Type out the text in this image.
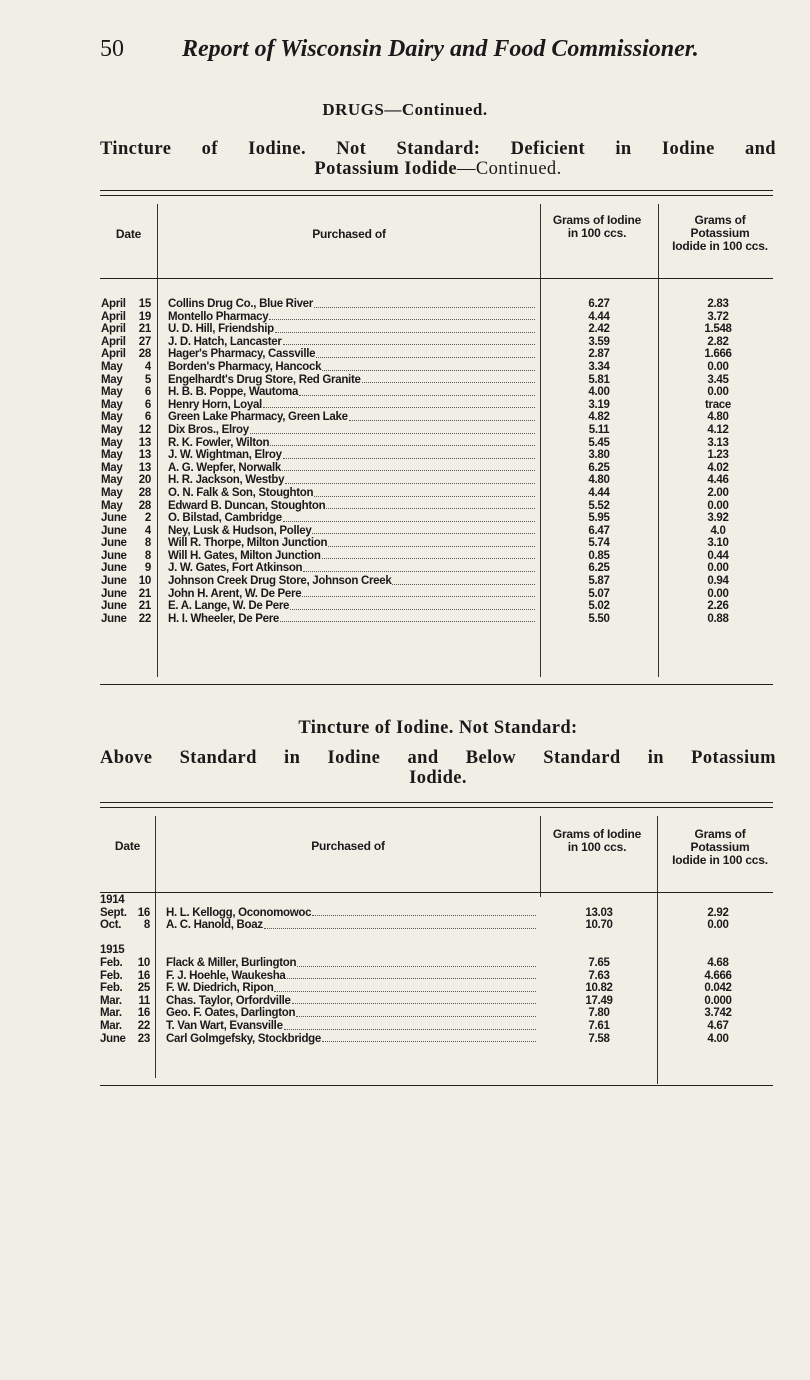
50 Report of Wisconsin Dairy and Food Commissioner.
DRUGS—Continued.
Tincture of Iodine. Not Standard: Deficient in Iodine and
Potassium Iodide—Continued.
Date	Purchased of
Grams of Iodine in 100 ccs.
Grams of Potassium Iodide in 100 ccs.
April 15
April 19
April 21
April 27
April 28
May 4
May 5
May 6
May 6
May 6
May 12
May 13
May 13
May 13
May 20
May 28
May 28
June 2
June 4
June 8
June 8
June 9
June 10
June 21
June 21
June 22
Collins Drug Co., Blue River
Montello Pharmacy
U. D. Hill, Friendship
J. D. Hatch, Lancaster
Hager's Pharmacy, Cassville
Borden's Pharmacy, Hancock
Engelhardt's Drug Store, Red Granite
H. B. B. Poppe, Wautoma
Henry Horn, Loyal
Green Lake Pharmacy, Green Lake
Dix Bros., Elroy
R. K. Fowler, Wilton
J. W. Wightman, Elroy
A. G. Wepfer, Norwalk
H. R. Jackson, Westby
O. N. Falk & Son, Stoughton
Edward B. Duncan, Stoughton
O. Bilstad, Cambridge
Ney, Lusk & Hudson, Polley
Will R. Thorpe, Milton Junction
Will H. Gates, Milton Junction
J. W. Gates, Fort Atkinson
Johnson Creek Drug Store, Johnson Creek
John H. Arent, W. De Pere
E. A. Lange, W. De Pere
H. I. Wheeler, De Pere
6.27
4.44
2.42
3.59
2.87
3.34
5.81
4.00
3.19
4.82
5.11
5.45
3.80
6.25
4.80
4.44
5.52
5.95
6.47
5.74
0.85
6.25
5.87
5.07
5.02
5.50
2.83
3.72
1.548
2.82
1.666
0.00
3.45
0.00
trace
4.80
4.12
3.13
1.23
4.02
4.46
2.00
0.00
3.92
4.0
3.10
0.44
0.00
0.94
0.00
2.26
0.88
Tincture of Iodine. Not Standard:
Above Standard in Iodine and Below Standard in Potassium
Iodide.
Date	Purchased of
Grams of Iodine in 100 ccs.
Grams of Potassium Iodide in 100 ccs.
1914
Sept. 16
Oct. 8
1915
Feb. 10
Feb. 16
Feb. 25
Mar. 11
Mar. 16
Mar. 22
June 23
H. L. Kellogg, Oconomowoc
A. C. Hanold, Boaz
Flack & Miller, Burlington
F. J. Hoehle, Waukesha
F. W. Diedrich, Ripon
Chas. Taylor, Orfordville
Geo. F. Oates, Darlington
T. Van Wart, Evansville
Carl Golmgefsky, Stockbridge
13.03
10.70
7.65
7.63
10.82
17.49
7.80
7.61
7.58
2.92
0.00
4.68
4.666
0.042
0.000
3.742
4.67
4.00
